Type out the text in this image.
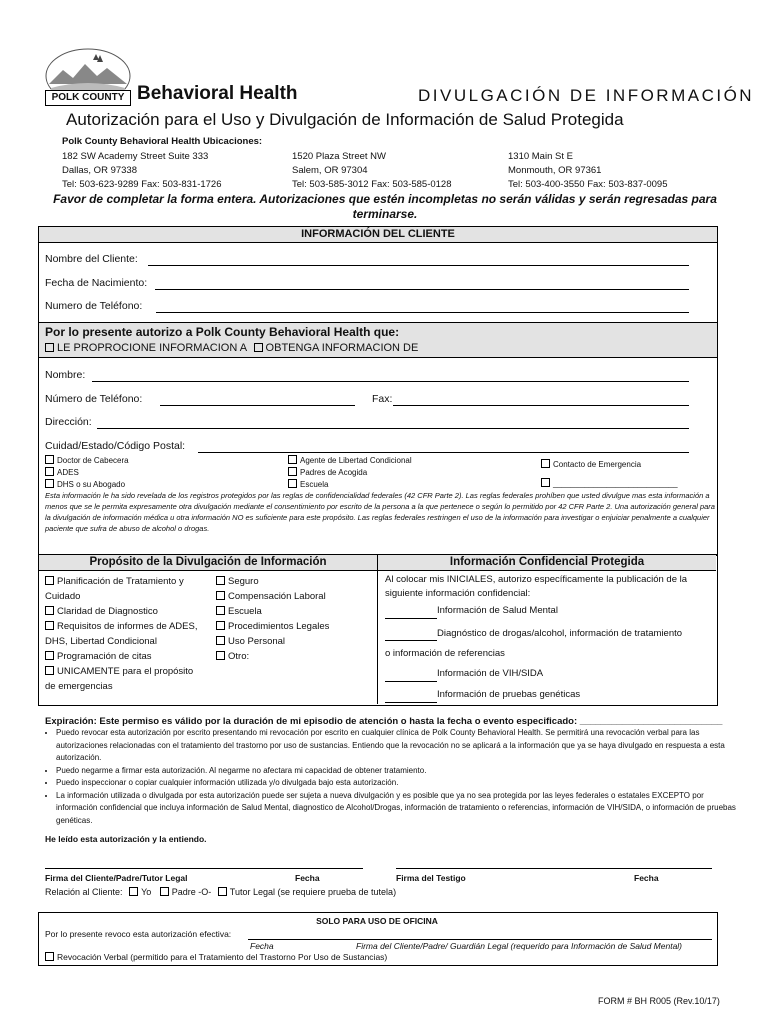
POLK COUNTY Behavioral Health	DIVULGACIÓN DE INFORMACIÓN
Autorización para el Uso y Divulgación de Información de Salud Protegida
Polk County Behavioral Health Ubicaciones:
182 SW Academy Street Suite 333
Dallas, OR 97338
Tel: 503-623-9289 Fax: 503-831-1726
1520 Plaza Street NW
Salem, OR 97304
Tel: 503-585-3012 Fax: 503-585-0128
1310 Main St E
Monmouth, OR 97361
Tel: 503-400-3550 Fax: 503-837-0095
Favor de completar la forma entera. Autorizaciones que estén incompletas no serán válidas y serán regresadas para terminarse.
INFORMACIÓN DEL CLIENTE
Nombre del Cliente:
Fecha de Nacimiento:
Numero de Teléfono:
Por lo presente autorizo a Polk County Behavioral Health que:
LE PROPROCIONE INFORMACION A OBTENGA INFORMACION DE
Nombre:
Número de Teléfono:	Fax:
Dirección:
Cuidad/Estado/Código Postal:
Doctor de Cabecera
ADES
DHS o su Abogado
Agente de Libertad Condicional
Padres de Acogida
Escuela
Contacto de Emergencia
____________________________
Esta información le ha sido revelada de los registros protegidos por las reglas de confidencialidad federales (42 CFR Parte 2). Las reglas federales prohíben que usted divulgue mas esta información a menos que se le permita expresamente otra divulgación mediante el consentimiento por escrito de la persona a la que pertenece o según lo permitido por 42 CFR Parte 2. Una autorización general para la divulgación de información médica u otra información NO es suficiente para este propósito. Las reglas federales restringen el uso de la información para investigar o enjuiciar penalmente a cualquier paciente que sufra de abuso de alcohol o drogas.
Propósito de la Divulgación de Información	Información Confidencial Protegida
Planificación de Tratamiento y Cuidado
Claridad de Diagnostico
Requisitos de informes de ADES, DHS, Libertad Condicional
Programación de citas
UNICAMENTE para el propósito de emergencias
Seguro
Compensación Laboral
Escuela
Procedimientos Legales
Uso Personal
Otro:
Al colocar mis INICIALES, autorizo específicamente la publicación de la siguiente información confidencial:
Información de Salud Mental
Diagnóstico de drogas/alcohol, información de tratamiento o información de referencias
Información de VIH/SIDA
Información de pruebas genéticas
Expiración: Este permiso es válido por la duración de mi episodio de atención o hasta la fecha o evento especificado: ___________________________
• Puedo revocar esta autorización por escrito presentando mi revocación por escrito en cualquier clínica de Polk County Behavioral Health. Se permitirá una revocación verbal para las autorizaciones relacionadas con el tratamiento del trastorno por uso de sustancias. Entiendo que la revocación no se aplicará a la información que ya se haya divulgado en respuesta a esta autorización.
• Puedo negarme a firmar esta autorización. Al negarme no afectara mi capacidad de obtener tratamiento.
• Puedo inspeccionar o copiar cualquier información utilizada y/o divulgada bajo esta autorización.
• La información utilizada o divulgada por esta autorización puede ser sujeta a nueva divulgación y es posible que ya no sea protegida por las leyes federales o estatales EXCEPTO por información confidencial que incluya información de Salud Mental, diagnostico de Alcohol/Drogas, información de tratamiento o referencias, información de VIH/SIDA, o información de pruebas genéticas.
He leído esta autorización y la entiendo.
Firma del Cliente/Padre/Tutor Legal	Fecha	Firma del Testigo	Fecha
Relación al Cliente: Yo Padre -O- Tutor Legal (se requiere prueba de tutela)
SOLO PARA USO DE OFICINA
Por lo presente revoco esta autorización efectiva:
Fecha	Firma del Cliente/Padre/ Guardián Legal (requerido para Información de Salud Mental)
Revocación Verbal (permitido para el Tratamiento del Trastorno Por Uso de Sustancias)
FORM # BH R005 (Rev.10/17)
